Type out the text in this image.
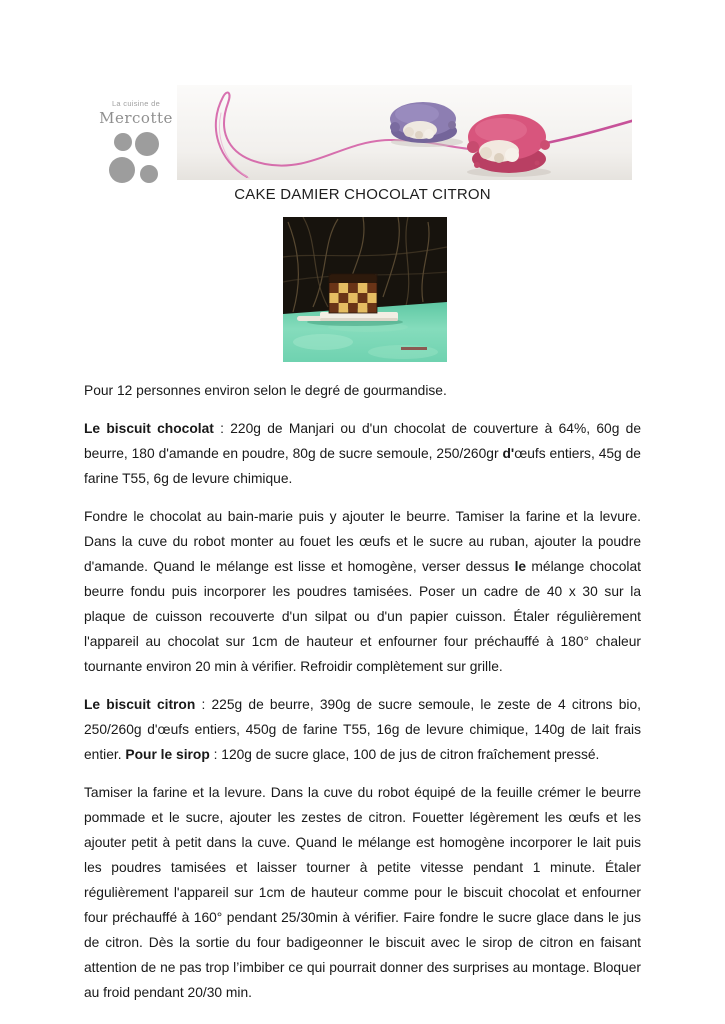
La cuisine de
Mercotte
CAKE DAMIER CHOCOLAT CITRON

Pour 12 personnes environ selon le degré de gourmandise.

Le biscuit chocolat : 220g de Manjari ou d'un chocolat de couverture à 64%, 60g de beurre, 180 d'amande en poudre, 80g de sucre semoule, 250/260gr d'œufs entiers, 45g de farine T55, 6g de levure chimique.

Fondre le chocolat au bain-marie puis y ajouter le beurre. Tamiser la farine et la levure. Dans la cuve du robot monter au fouet les œufs et le sucre au ruban, ajouter la poudre d'amande. Quand le mélange est lisse et homogène, verser dessus le mélange chocolat beurre fondu puis incorporer les poudres tamisées. Poser un cadre de 40 x 30 sur la plaque de cuisson recouverte d'un silpat ou d'un papier cuisson. Étaler régulièrement l'appareil au chocolat sur 1cm de hauteur et enfourner four préchauffé à 180° chaleur tournante environ 20 min à vérifier. Refroidir complètement sur grille.

Le biscuit citron : 225g de beurre, 390g de sucre semoule, le zeste de 4 citrons bio, 250/260g d'œufs entiers, 450g de farine T55, 16g de levure chimique, 140g de lait frais entier. Pour le sirop : 120g de sucre glace, 100 de jus de citron fraîchement pressé.

Tamiser la farine et la levure. Dans la cuve du robot équipé de la feuille crémer le beurre pommade et le sucre, ajouter les zestes de citron. Fouetter légèrement les œufs et les ajouter petit à petit dans la cuve. Quand le mélange est homogène incorporer le lait puis les poudres tamisées et laisser tourner à petite vitesse pendant 1 minute. Étaler régulièrement l'appareil sur 1cm de hauteur comme pour le biscuit chocolat et enfourner four préchauffé à 160° pendant 25/30min à vérifier. Faire fondre le sucre glace dans le jus de citron. Dès la sortie du four badigeonner le biscuit avec le sirop de citron en faisant attention de ne pas trop l’imbiber ce qui pourrait donner des surprises au montage. Bloquer au froid pendant 20/30 min.
